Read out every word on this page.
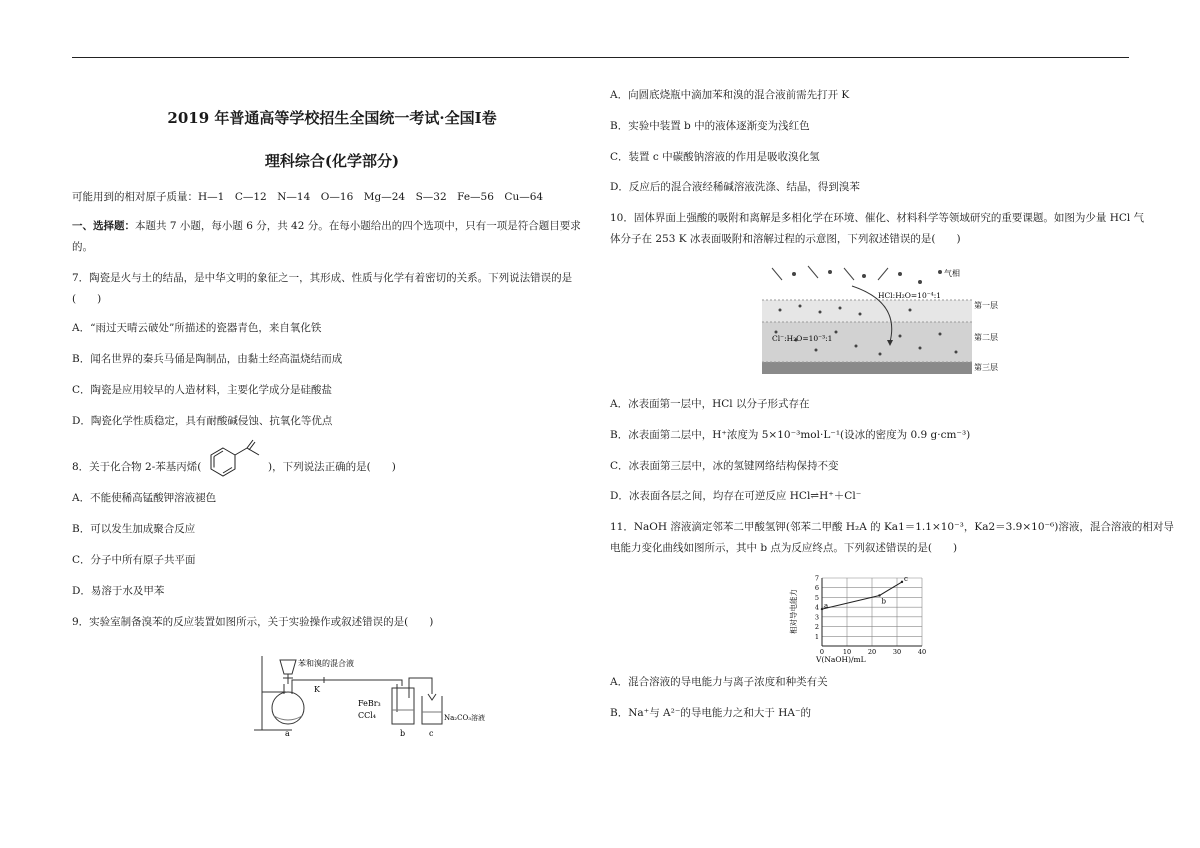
2019 年普通高等学校招生全国统一考试·全国Ⅰ卷
理科综合(化学部分)
可能用到的相对原子质量：H—1　C—12　N—14　O—16　Mg—24　S—32　Fe—56　Cu—64
一、选择题：本题共 7 小题，每小题 6 分，共 42 分。在每小题给出的四个选项中，只有一项是符合题目要求的。
7．陶瓷是火与土的结晶，是中华文明的象征之一，其形成、性质与化学有着密切的关系。下列说法错误的是(　　)
A．“雨过天晴云破处”所描述的瓷器青色，来自氧化铁
B．闻名世界的秦兵马俑是陶制品，由黏土经高温烧结而成
C．陶瓷是应用较早的人造材料，主要化学成分是硅酸盐
D．陶瓷化学性质稳定，具有耐酸碱侵蚀、抗氧化等优点
8．关于化合物 2-苯基丙烯(	)，下列说法正确的是(　　)
A．不能使稀高锰酸钾溶液褪色
B．可以发生加成聚合反应
C．分子中所有原子共平面
D．易溶于水及甲苯
9．实验室制备溴苯的反应装置如图所示，关于实验操作或叙述错误的是(　　)
苯和溴的混合液
K
FeBr₃
CCl₄	Na₂CO₃溶液
a	b	c
A．向圆底烧瓶中滴加苯和溴的混合液前需先打开 K
B．实验中装置 b 中的液体逐渐变为浅红色
C．装置 c 中碳酸钠溶液的作用是吸收溴化氢
D．反应后的混合液经稀碱溶液洗涤、结晶，得到溴苯
10．固体界面上强酸的吸附和离解是多相化学在环境、催化、材料科学等领域研究的重要课题。如图为少量 HCl 气
体分子在 253 K 冰表面吸附和溶解过程的示意图，下列叙述错误的是(　　)
HCl:H₂O=10⁻⁴:1
Cl⁻:H₂O=10⁻³:1
气相
第一层
第二层
第三层
A．冰表面第一层中，HCl 以分子形式存在
B．冰表面第二层中，H⁺浓度为 5×10⁻³mol·L⁻¹(设冰的密度为 0.9 g·cm⁻³)
C．冰表面第三层中，冰的氢键网络结构保持不变
D．冰表面各层之间，均存在可逆反应 HCl⇌H⁺＋Cl⁻
11．NaOH 溶液滴定邻苯二甲酸氢钾(邻苯二甲酸 H₂A 的 Ka1＝1.1×10⁻³，Ka2＝3.9×10⁻⁶)溶液，混合溶液的相对导
电能力变化曲线如图所示，其中 b 点为反应终点。下列叙述错误的是(　　)
1
2
3
4
5
6
7
0	10	20	30	40
a
b
c
V(NaOH)/mL
相对导电能力
A．混合溶液的导电能力与离子浓度和种类有关
B．Na⁺与 A²⁻的导电能力之和大于 HA⁻的
